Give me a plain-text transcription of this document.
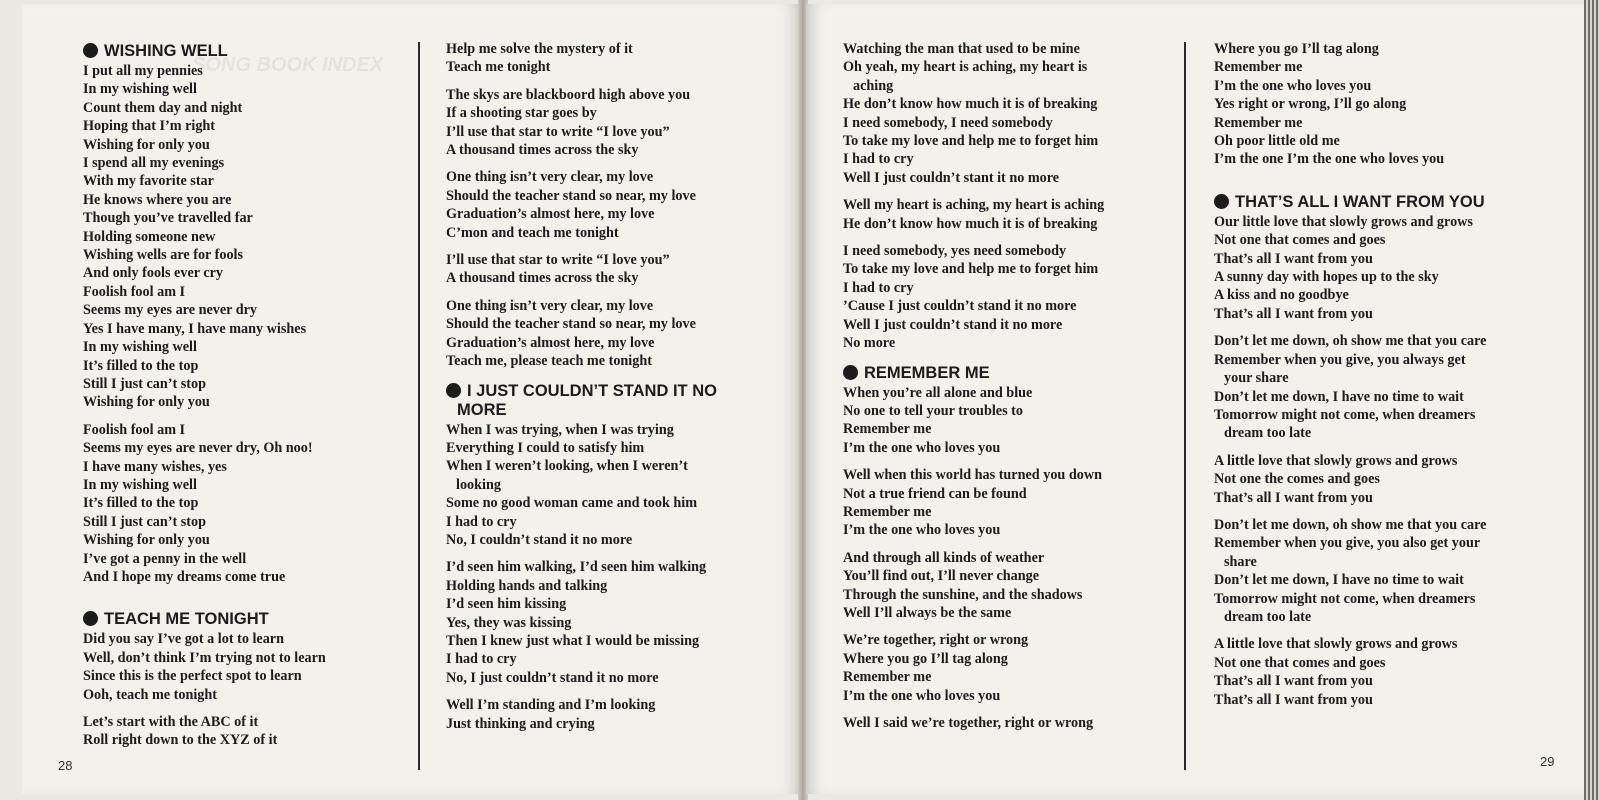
SONG BOOK INDEX
WISHING WELL
I put all my pennies
In my wishing well
Count them day and night
Hoping that I’m right
Wishing for only you
I spend all my evenings
With my favorite star
He knows where you are
Though you’ve travelled far
Holding someone new
Wishing wells are for fools
And only fools ever cry
Foolish fool am I
Seems my eyes are never dry
Yes I have many, I have many wishes
In my wishing well
It’s filled to the top
Still I just can’t stop
Wishing for only you
Foolish fool am I
Seems my eyes are never dry, Oh noo!
I have many wishes, yes
In my wishing well
It’s filled to the top
Still I just can’t stop
Wishing for only you
I’ve got a penny in the well
And I hope my dreams come true
TEACH ME TONIGHT
Did you say I’ve got a lot to learn
Well, don’t think I’m trying not to learn
Since this is the perfect spot to learn
Ooh, teach me tonight
Let’s start with the ABC of it
Roll right down to the XYZ of it
Help me solve the mystery of it
Teach me tonight
The skys are blackboord high above you
If a shooting star goes by
I’ll use that star to write “I love you”
A thousand times across the sky
One thing isn’t very clear, my love
Should the teacher stand so near, my love
Graduation’s almost here, my love
C’mon and teach me tonight
I’ll use that star to write “I love you”
A thousand times across the sky
One thing isn’t very clear, my love
Should the teacher stand so near, my love
Graduation’s almost here, my love
Teach me, please teach me tonight
I JUST COULDN’T STAND IT NO
MORE
When I was trying, when I was trying
Everything I could to satisfy him
When I weren’t looking, when I weren’t
looking
Some no good woman came and took him
I had to cry
No, I couldn’t stand it no more
I’d seen him walking, I’d seen him walking
Holding hands and talking
I’d seen him kissing
Yes, they was kissing
Then I knew just what I would be missing
I had to cry
No, I just couldn’t stand it no more
Well I’m standing and I’m looking
Just thinking and crying
28
Watching the man that used to be mine
Oh yeah, my heart is aching, my heart is
aching
He don’t know how much it is of breaking
I need somebody, I need somebody
To take my love and help me to forget him
I had to cry
Well I just couldn’t stant it no more
Well my heart is aching, my heart is aching
He don’t know how much it is of breaking
I need somebody, yes need somebody
To take my love and help me to forget him
I had to cry
’Cause I just couldn’t stand it no more
Well I just couldn’t stand it no more
No more
REMEMBER ME
When you’re all alone and blue
No one to tell your troubles to
Remember me
I’m the one who loves you
Well when this world has turned you down
Not a true friend can be found
Remember me
I’m the one who loves you
And through all kinds of weather
You’ll find out, I’ll never change
Through the sunshine, and the shadows
Well I’ll always be the same
We’re together, right or wrong
Where you go I’ll tag along
Remember me
I’m the one who loves you
Well I said we’re together, right or wrong
Where you go I’ll tag along
Remember me
I’m the one who loves you
Yes right or wrong, I’ll go along
Remember me
Oh poor little old me
I’m the one I’m the one who loves you
THAT’S ALL I WANT FROM YOU
Our little love that slowly grows and grows
Not one that comes and goes
That’s all I want from you
A sunny day with hopes up to the sky
A kiss and no goodbye
That’s all I want from you
Don’t let me down, oh show me that you care
Remember when you give, you always get
your share
Don’t let me down, I have no time to wait
Tomorrow might not come, when dreamers
dream too late
A little love that slowly grows and grows
Not one the comes and goes
That’s all I want from you
Don’t let me down, oh show me that you care
Remember when you give, you also get your
share
Don’t let me down, I have no time to wait
Tomorrow might not come, when dreamers
dream too late
A little love that slowly grows and grows
Not one that comes and goes
That’s all I want from you
That’s all I want from you
29
